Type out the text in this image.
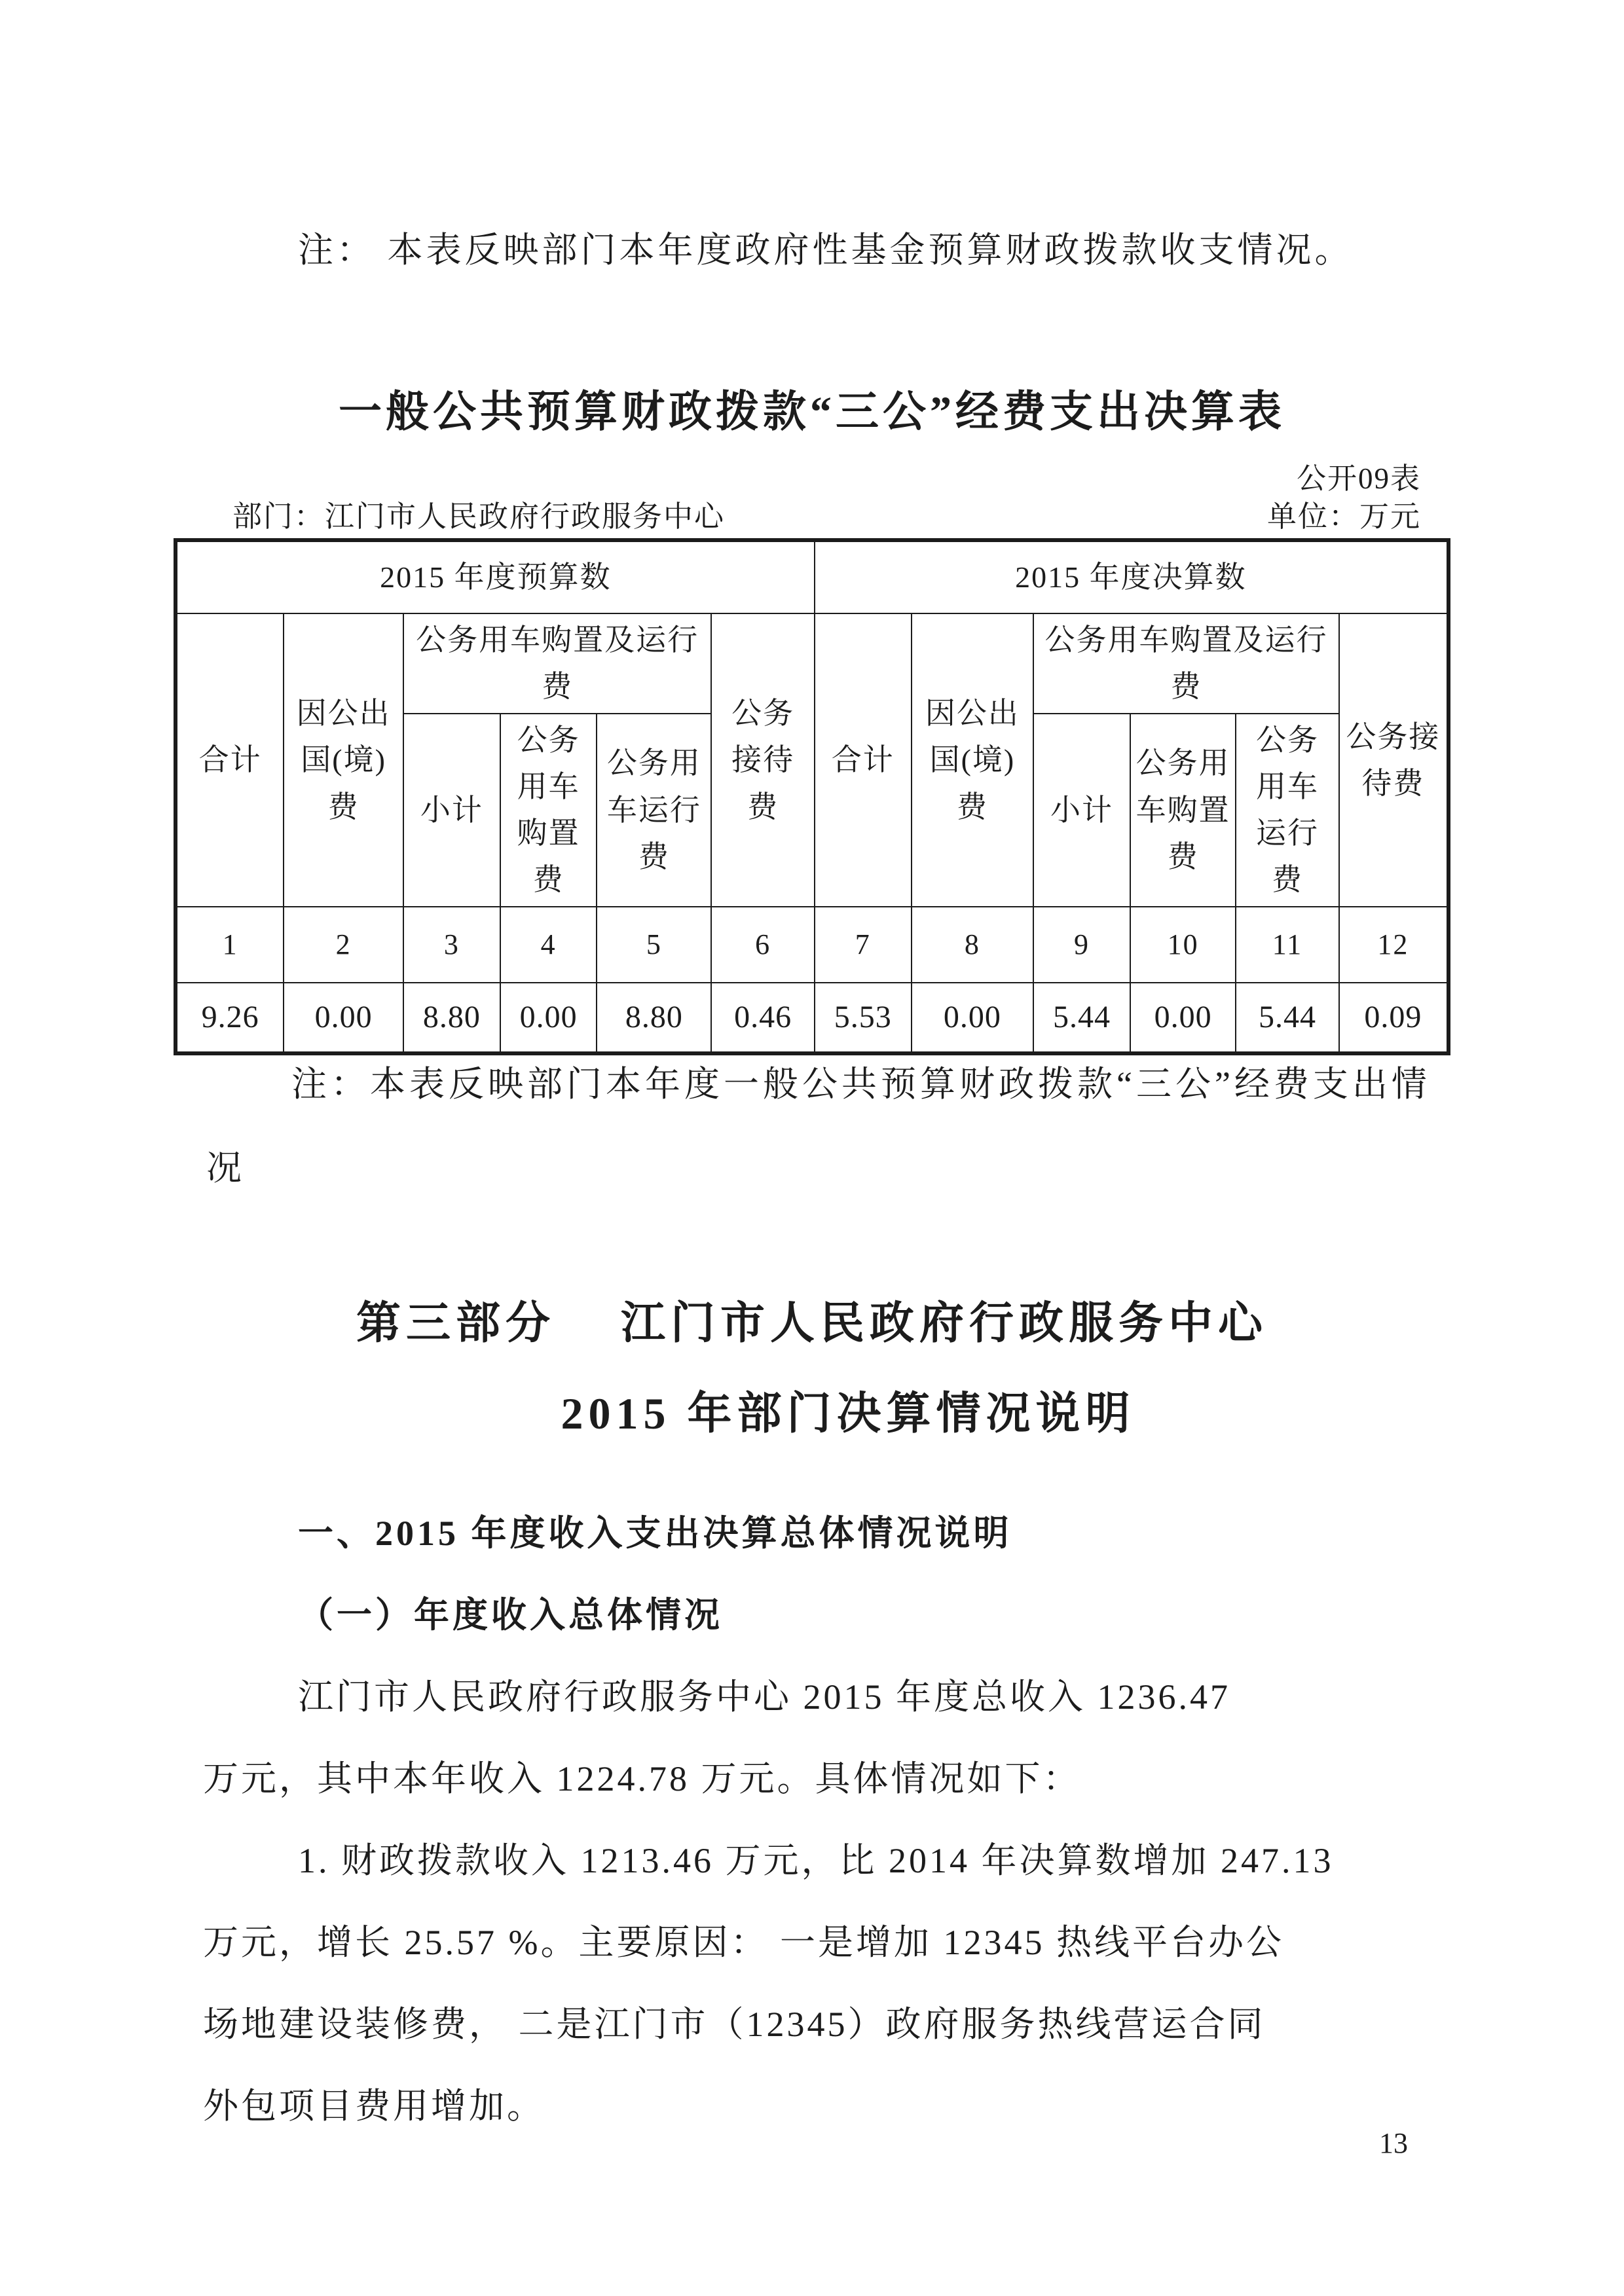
注： 本表反映部门本年度政府性基金预算财政拨款收支情况。
一般公共预算财政拨款“三公”经费支出决算表
公开09表
部门：江门市人民政府行政服务中心	单位：万元
2015 年度预算数						2015 年度决算数					
合计	因公出国(境)费	公务用车购置及运行费			公务接待费	合计	因公出国(境)费	公务用车购置及运行费			公务接待费
		小计	公务用车购置费	公务用车运行费				小计	公务用车购置费	公务用车运行费	
1	2	3	4	5	6	7	8	9	10	11	12
9.26	0.00	8.80	0.00	8.80	0.46	5.53	0.00	5.44	0.00	5.44	0.09
注：本表反映部门本年度一般公共预算财政拨款“三公”经费支出情
况
第三部分 江门市人民政府行政服务中心
2015 年部门决算情况说明
一、2015 年度收入支出决算总体情况说明
（一）年度收入总体情况
江门市人民政府行政服务中心 2015 年度总收入 1236.47
万元，其中本年收入 1224.78 万元。具体情况如下：
1. 财政拨款收入 1213.46 万元，比 2014 年决算数增加 247.13
万元，增长 25.57 %。主要原因： 一是增加 12345 热线平台办公
场地建设装修费， 二是江门市（12345）政府服务热线营运合同
外包项目费用增加。
13
